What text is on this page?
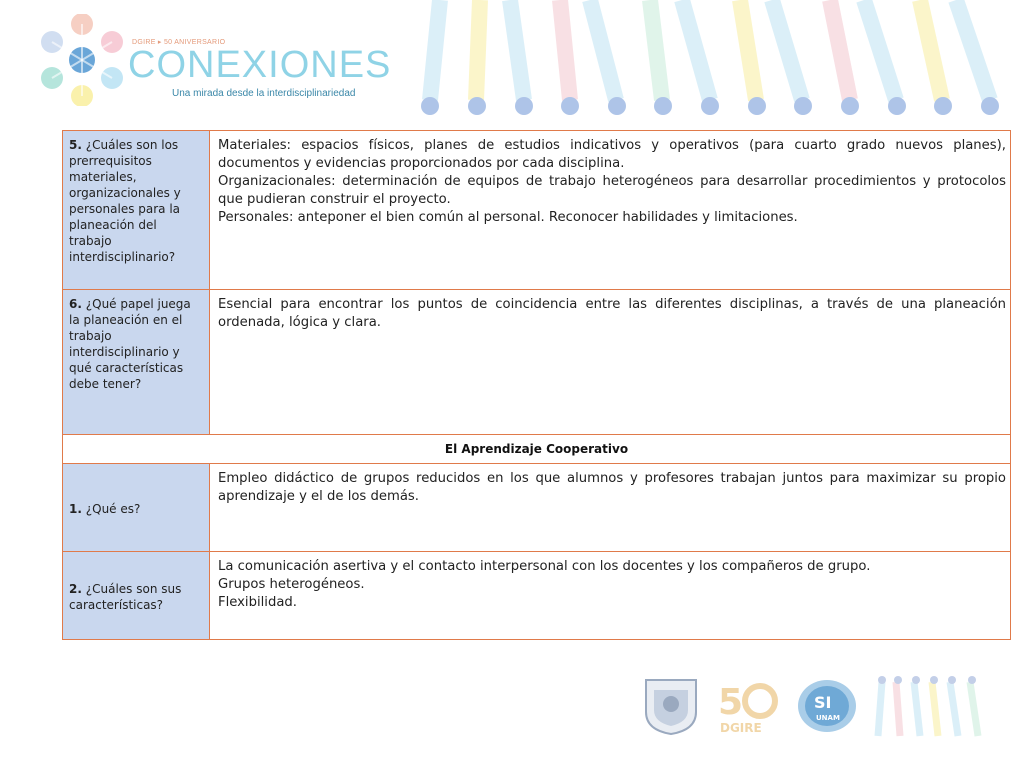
DGIRE ▸ 50 ANIVERSARIO
CONEXIONES
Una mirada desde la interdisciplinariedad
5. ¿Cuáles son los prerrequisitos materiales, organizacionales y personales para la planeación del trabajo interdisciplinario?	Materiales: espacios físicos, planes de estudios indicativos y operativos (para cuarto grado nuevos planes), documentos y evidencias proporcionados por cada disciplina.
Organizacionales: determinación de equipos de trabajo heterogéneos para desarrollar procedimientos y protocolos que pudieran construir el proyecto.
Personales: anteponer el bien común al personal. Reconocer habilidades y limitaciones.

6. ¿Qué papel juega la planeación en el trabajo interdisciplinario y qué características debe tener?	Esencial para encontrar los puntos de coincidencia entre las diferentes disciplinas, a través de una planeación ordenada, lógica y clara.

El Aprendizaje Cooperativo	
1. ¿Qué es?	Empleo didáctico de grupos reducidos en los que alumnos y profesores trabajan juntos para maximizar su propio aprendizaje y el de los demás.

2. ¿Cuáles son sus características?	La comunicación asertiva y el contacto interpersonal con los docentes y los compañeros de grupo.
Grupos heterogéneos.
Flexibilidad.
5
DGIRE
SI
UNAM
